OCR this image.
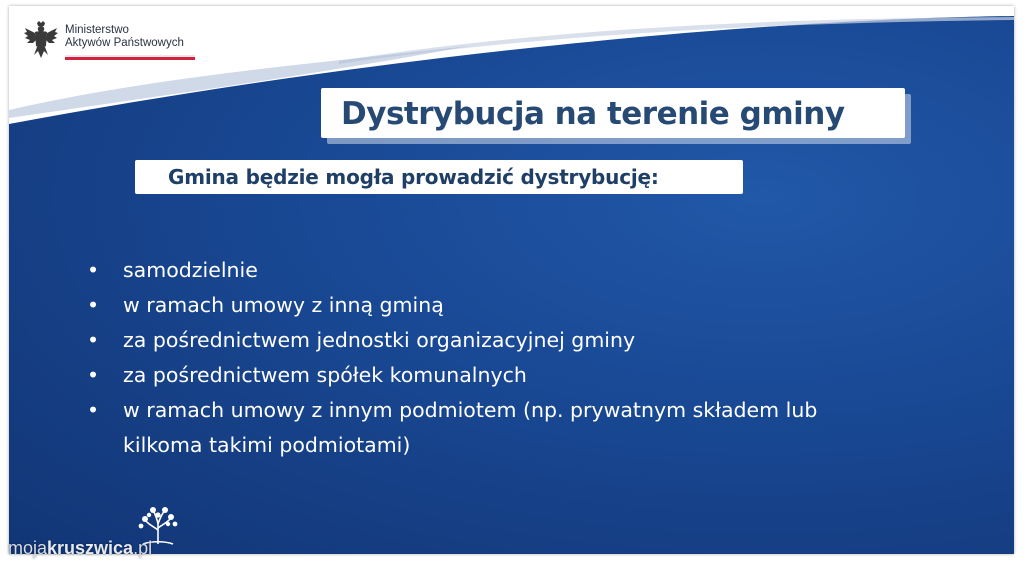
Ministerstwo
Aktywów Państwowych
Dystrybucja na terenie gminy
Gmina będzie mogła prowadzić dystrybucję:
• samodzielnie
• w ramach umowy z inną gminą
• za pośrednictwem jednostki organizacyjnej gminy
• za pośrednictwem spółek komunalnych
• w ramach umowy z innym podmiotem (np. prywatnym składem lub
kilkoma takimi podmiotami)
mojakruszwica.pl
